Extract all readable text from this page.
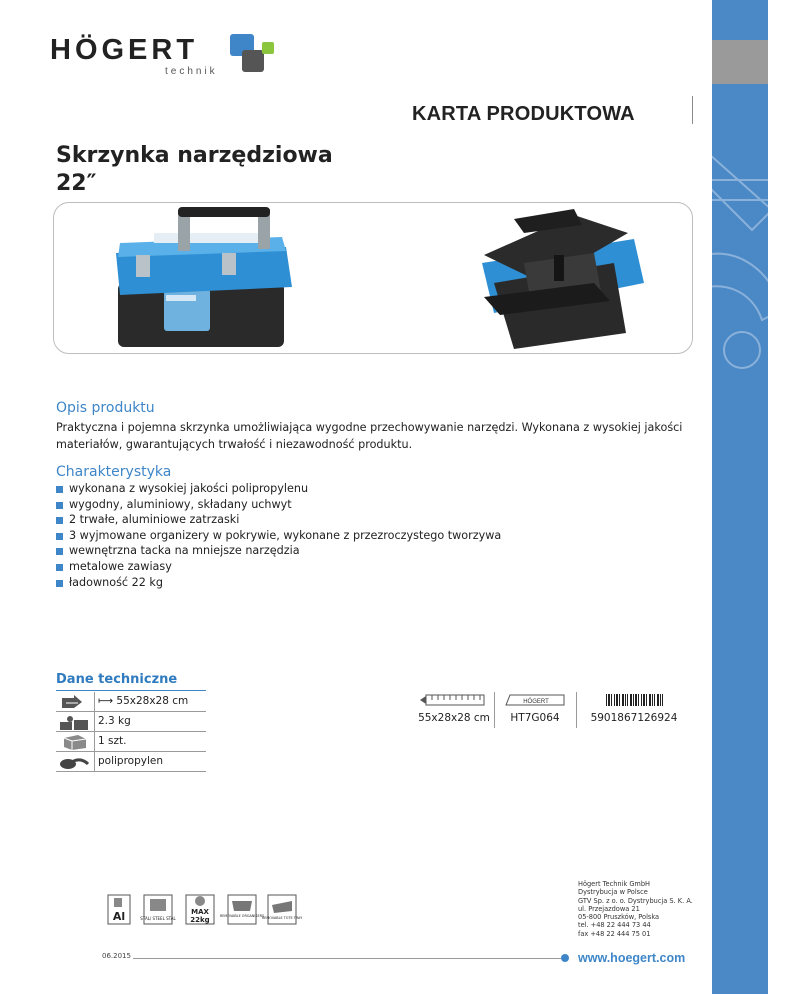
HÖGERT
technik
KARTA PRODUKTOWA
Skrzynka narzędziowa
22″
Opis produktu
Praktyczna i pojemna skrzynka umożliwiająca wygodne przechowywanie narzędzi. Wykonana z wysokiej jakości materiałów, gwarantujących trwałość i niezawodność produktu.
Charakterystyka
wykonana z wysokiej jakości polipropylenu
wygodny, aluminiowy, składany uchwyt
2 trwałe, aluminiowe zatrzaski
3 wyjmowane organizery w pokrywie, wykonane z przezroczystego tworzywa
wewnętrzna tacka na mniejsze narzędzia
metalowe zawiasy
ładowność 22 kg
Dane techniczne
⟼ 55x28x28 cm
2.3 kg
1 szt.
polipropylen
55x28x28 cm
HÖGERT
HT7G064	5901867126924
Al	STAL/ STEEL STAL
MAX
22kg	REMOVABLE ORGANISERS
REMOVABLE TOTE TRAY
Högert Technik GmbH
Dystrybucja w Polsce
GTV Sp. z o. o. Dystrybucja S. K. A.
ul. Przejazdowa 21
05-800 Pruszków, Polska
tel. +48 22 444 73 44
fax +48 22 444 75 01
06.2015	www.hoegert.com
